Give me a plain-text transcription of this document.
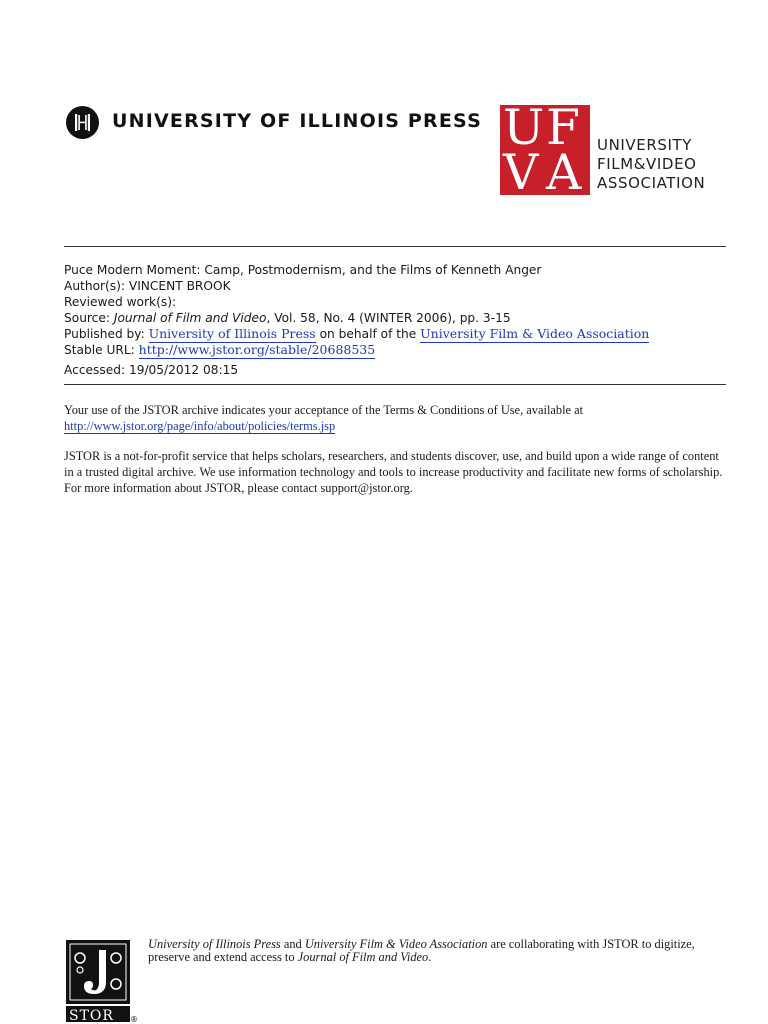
UNIVERSITY OF ILLINOIS PRESS U F
V A UNIVERSITY
FILM&VIDEO
ASSOCIATION
Puce Modern Moment: Camp, Postmodernism, and the Films of Kenneth Anger
Author(s): VINCENT BROOK
Reviewed work(s):
Source: Journal of Film and Video, Vol. 58, No. 4 (WINTER 2006), pp. 3-15
Published by: University of Illinois Press on behalf of the University Film & Video Association
Stable URL: http://www.jstor.org/stable/20688535
Accessed: 19/05/2012 08:15
Your use of the JSTOR archive indicates your acceptance of the Terms & Conditions of Use, available at
http://www.jstor.org/page/info/about/policies/terms.jsp
JSTOR is a not-for-profit service that helps scholars, researchers, and students discover, use, and build upon a wide range of content in a trusted digital archive. We use information technology and tools to increase productivity and facilitate new forms of scholarship. For more information about JSTOR, please contact support@jstor.org.
STOR ®
University of Illinois Press and University Film & Video Association are collaborating with JSTOR to digitize, preserve and extend access to Journal of Film and Video.
